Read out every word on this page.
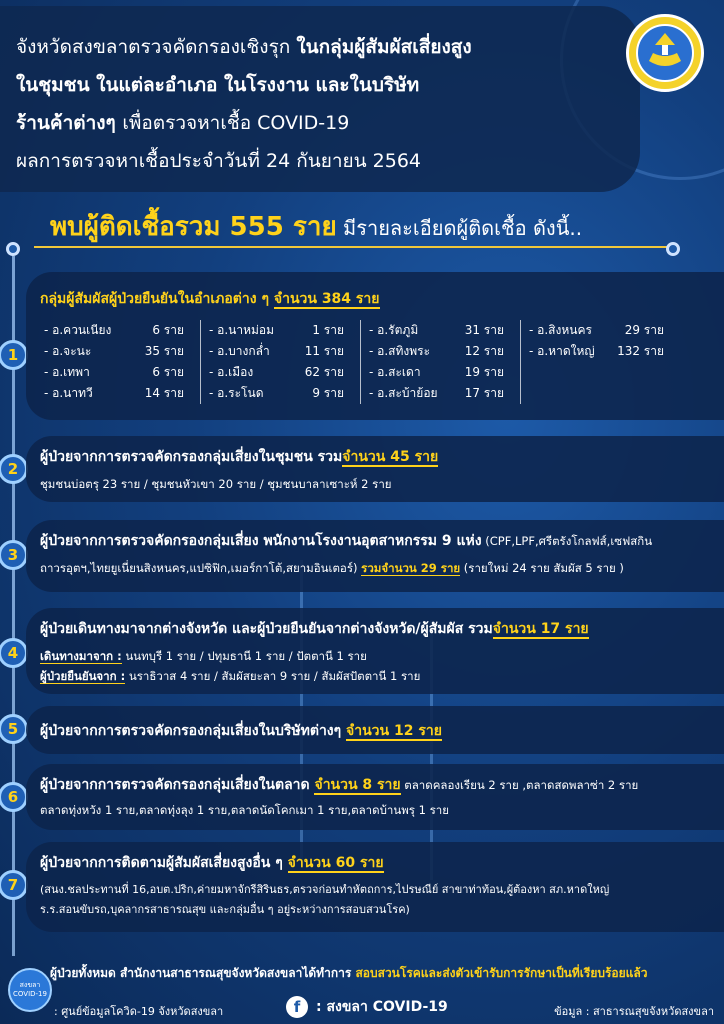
จังหวัดสงขลาตรวจคัดกรองเชิงรุก ในกลุ่มผู้สัมผัสเสี่ยงสูง
ในชุมชน ในแต่ละอำเภอ ในโรงงาน และในบริษัท
ร้านค้าต่างๆ เพื่อตรวจหาเชื้อ COVID-19
ผลการตรวจหาเชื้อประจำวันที่ 24 กันยายน 2564
พบผู้ติดเชื้อรวม 555 ราย มีรายละเอียดผู้ติดเชื้อ ดังนี้..
1
กลุ่มผู้สัมผัสผู้ป่วยยืนยันในอำเภอต่าง ๆ จำนวน 384 ราย
- อ.ควนเนียง	6 ราย
- อ.จะนะ	35 ราย
- อ.เทพา	6 ราย
- อ.นาทวี	14 ราย
- อ.นาหม่อม	1 ราย
- อ.บางกล่ำ	11 ราย
- อ.เมือง	62 ราย
- อ.ระโนด	9 ราย
- อ.รัตภูมิ	31 ราย
- อ.สทิงพระ	12 ราย
- อ.สะเดา	19 ราย
- อ.สะบ้าย้อย 17 ราย
- อ.สิงหนคร	29 ราย
- อ.หาดใหญ่ 132 ราย
2
ผู้ป่วยจากการตรวจคัดกรองกลุ่มเสี่ยงในชุมชน รวมจำนวน 45 ราย
ชุมชนบ่อตรุ 23 ราย / ชุมชนหัวเขา 20 ราย / ชุมชนบาลาเซาะห์ 2 ราย
3
ผู้ป่วยจากการตรวจคัดกรองกลุ่มเสี่ยง พนักงานโรงงานอุตสาหกรรม 9 แห่ง (CPF,LPF,ศรีตรังโกลฟส์,เซฟสกิน
ถาวรอุตฯ,ไทยยูเนี่ยนสิงหนคร,แปซิฟิก,เมอร์กาโต้,สยามอินเตอร์) รวมจำนวน 29 ราย (รายใหม่ 24 ราย สัมผัส 5 ราย )
4
ผู้ป่วยเดินทางมาจากต่างจังหวัด และผู้ป่วยยืนยันจากต่างจังหวัด/ผู้สัมผัส รวมจำนวน 17 ราย
เดินทางมาจาก : นนทบุรี 1 ราย / ปทุมธานี 1 ราย / ปัตตานี 1 ราย
ผู้ป่วยยืนยันจาก : นราธิวาส 4 ราย / สัมผัสยะลา 9 ราย / สัมผัสปัตตานี 1 ราย
5	ผู้ป่วยจากการตรวจคัดกรองกลุ่มเสี่ยงในบริษัทต่างๆ จำนวน 12 ราย
6
ผู้ป่วยจากการตรวจคัดกรองกลุ่มเสี่ยงในตลาด จำนวน 8 ราย ตลาดคลองเรียน 2 ราย ,ตลาดสดพลาซ่า 2 ราย
ตลาดทุ่งหวัง 1 ราย,ตลาดทุ่งลุง 1 ราย,ตลาดนัดโคกเมา 1 ราย,ตลาดบ้านพรุ 1 ราย
7
ผู้ป่วยจากการติดตามผู้สัมผัสเสี่ยงสูงอื่น ๆ จำนวน 60 ราย
(สนง.ชลประทานที่ 16,อบต.ปริก,ค่ายมหาจักรีสิรินธร,ตรวจก่อนทำหัตถการ,ไปรษณีย์ สาขาท่าท้อน,ผู้ต้องหา สภ.หาดใหญ่
ร.ร.สอนขับรถ,บุคลากรสาธารณสุข และกลุ่มอื่น ๆ อยู่ระหว่างการสอบสวนโรค)
สงขลา COVID-19
ผู้ป่วยทั้งหมด สำนักงานสาธารณสุขจังหวัดสงขลาได้ทำการ สอบสวนโรคและส่งตัวเข้ารับการรักษาเป็นที่เรียบร้อยแล้ว
: ศูนย์ข้อมูลโควิด-19 จังหวัดสงขลา	f	: สงขลา COVID-19	ข้อมูล : สาธารณสุขจังหวัดสงขลา
